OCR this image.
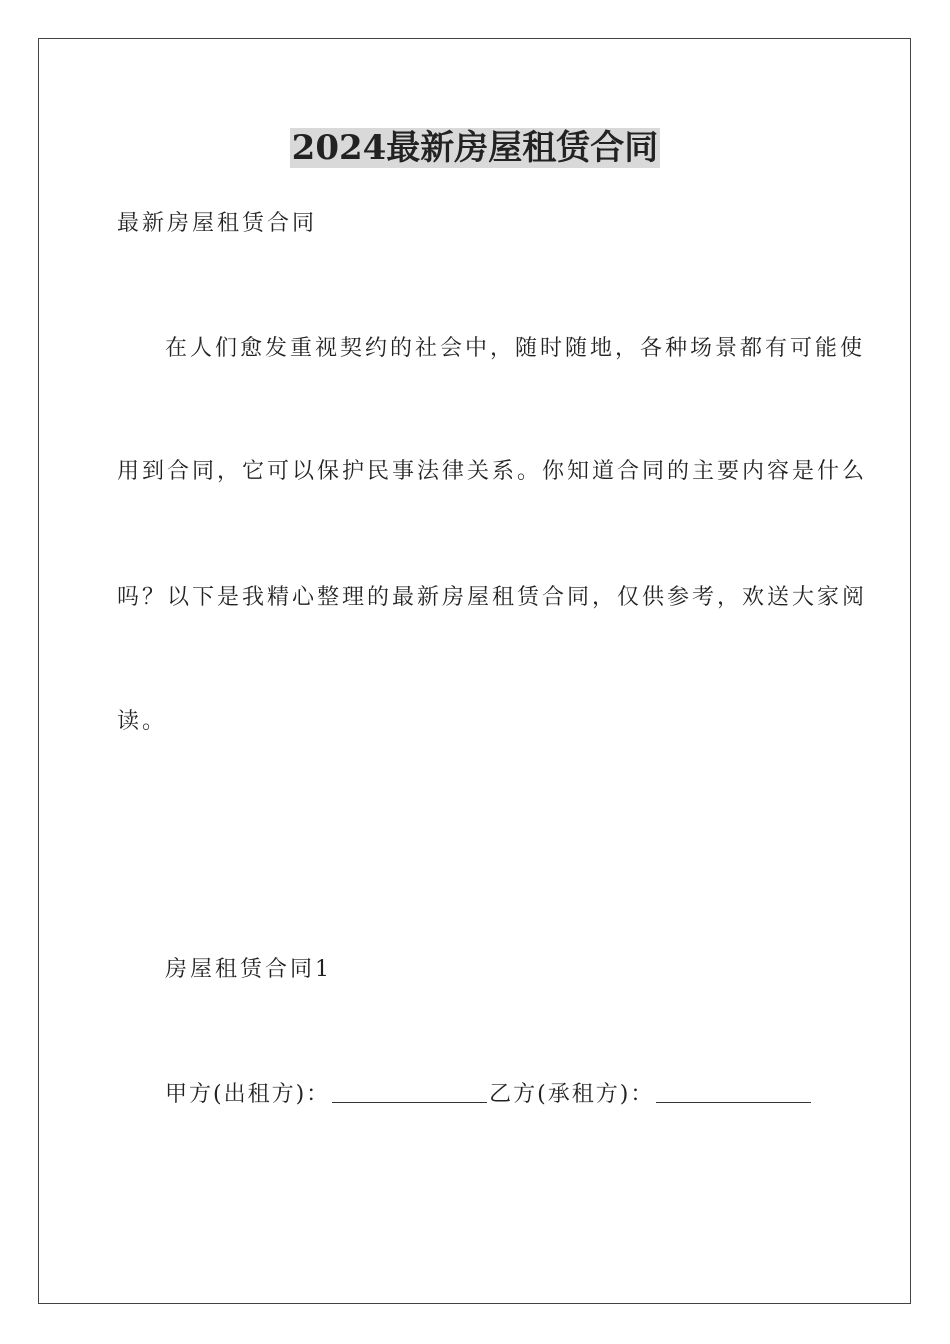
2024最新房屋租赁合同
最新房屋租赁合同
在人们愈发重视契约的社会中，随时随地，各种场景都有可能使
用到合同，它可以保护民事法律关系。你知道合同的主要内容是什么
吗？以下是我精心整理的最新房屋租赁合同，仅供参考，欢送大家阅
读。
房屋租赁合同1
甲方(出租方)：	乙方(承租方)：
